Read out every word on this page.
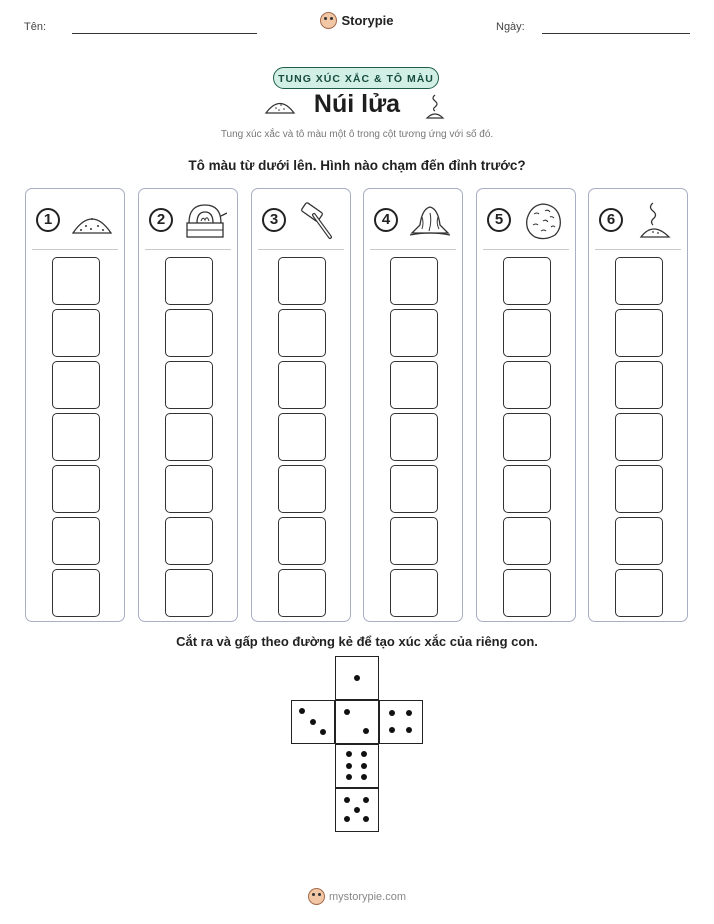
Tên:	Storypie	Ngày:
TUNG XÚC XẮC & TÔ MÀU
Núi lửa
Tung xúc xắc và tô màu một ô trong cột tương ứng với số đó.
Tô màu từ dưới lên. Hình nào chạm đến đỉnh trước?
1	2	3	4	5	6
Cắt ra và gấp theo đường kẻ để tạo xúc xắc của riêng con.
mystorypie.com
